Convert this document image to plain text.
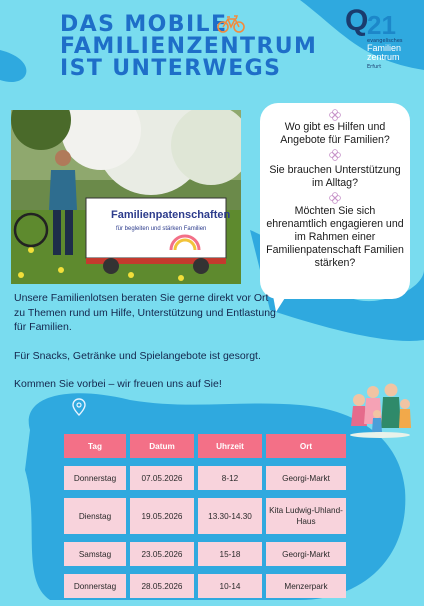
DAS MOBILE
FAMILIENZENTRUM
IST UNTERWEGS
Q
21
evangelisches
Familien
zentrum
Erfurt
Familienpatenschaften
für begleiten und stärken Familien

Wo gibt es Hilfen und Angebote für Familien?

Sie brauchen Unterstützung im Alltag?

Möchten Sie sich ehrenamtlich engagieren und im Rahmen einer Familienpatenschaft Familien stärken?

Unsere Familienlotsen beraten Sie gerne direkt vor Ort zu Themen rund um Hilfe, Unterstützung und Entlastung für Familien.

Für Snacks, Getränke und Spielangebote ist gesorgt.

Kommen Sie vorbei – wir freuen uns auf Sie!

Tag	Datum	Uhrzeit	Ort
Donnerstag	07.05.2026	8-12	Georgi-Markt
Dienstag	19.05.2026	13.30-14.30	Kita Ludwig-Uhland-Haus
Samstag	23.05.2026	15-18	Georgi-Markt
Donnerstag	28.05.2026	10-14	Menzerpark
